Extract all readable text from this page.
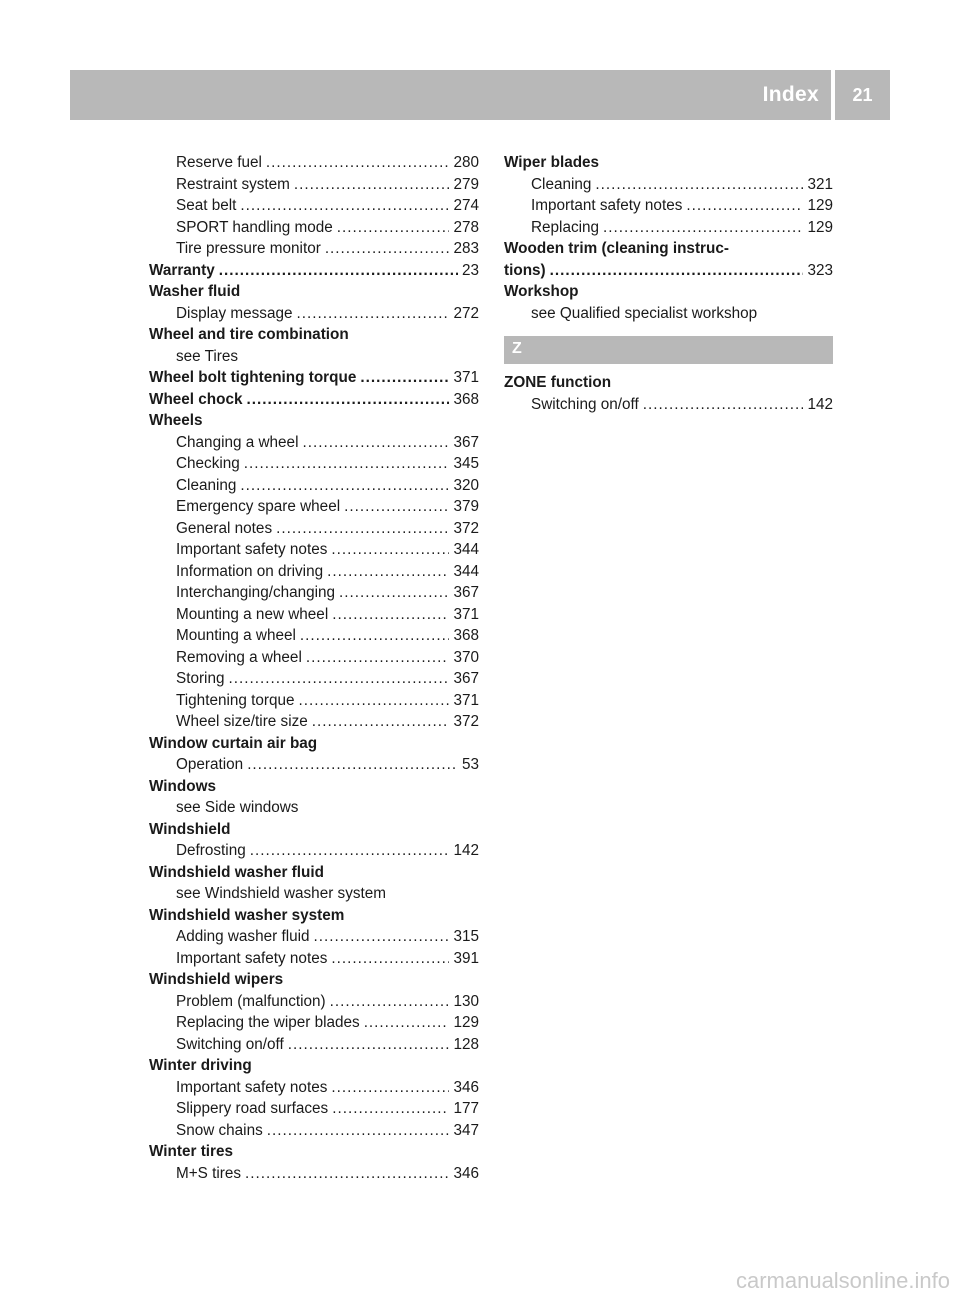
Index	21
Reserve fuel .....	280
Restraint system .....	279
Seat belt .....	274
SPORT handling mode .....	278
Tire pressure monitor .....	283
Warranty .....	23
Washer fluid
Display message .....	272
Wheel and tire combination
see Tires
Wheel bolt tightening torque .....	371
Wheel chock .....	368
Wheels
Changing a wheel .....	367
Checking .....	345
Cleaning .....	320
Emergency spare wheel .....	379
General notes .....	372
Important safety notes .....	344
Information on driving .....	344
Interchanging/changing .....	367
Mounting a new wheel .....	371
Mounting a wheel .....	368
Removing a wheel .....	370
Storing .....	367
Tightening torque .....	371
Wheel size/tire size .....	372
Window curtain air bag
Operation .....	53
Windows
see Side windows
Windshield
Defrosting .....	142
Windshield washer fluid
see Windshield washer system
Windshield washer system
Adding washer fluid .....	315
Important safety notes .....	391
Windshield wipers
Problem (malfunction) .....	130
Replacing the wiper blades .....	129
Switching on/off .....	128
Winter driving
Important safety notes .....	346
Slippery road surfaces .....	177
Snow chains .....	347
Winter tires
M+S tires .....	346
Wiper blades
Cleaning .....	321
Important safety notes .....	129
Replacing .....	129
Wooden trim (cleaning instruc-
tions) .....	323
Workshop
see Qualified specialist workshop
Z
ZONE function
Switching on/off .....	142
carmanualsonline.info
